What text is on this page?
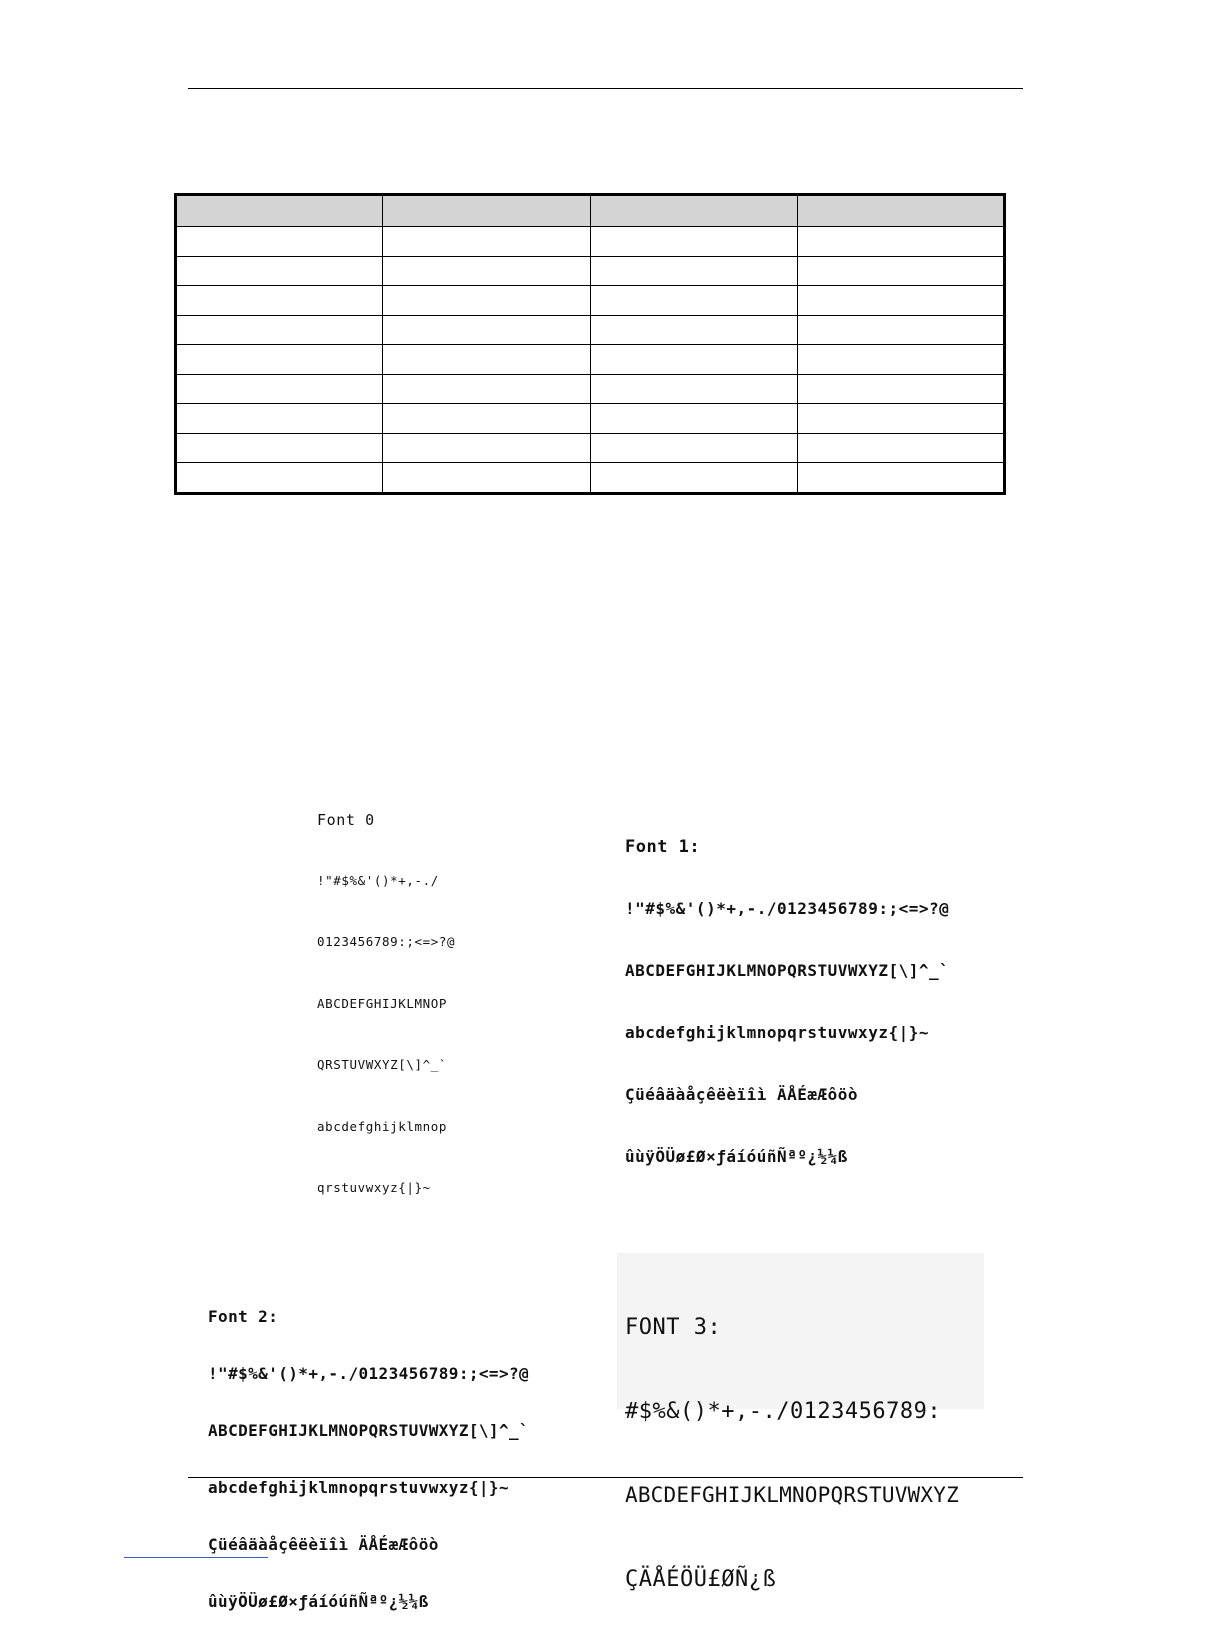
Font 0

!"#$%&'()*+,-./

0123456789:;<=>?@

ABCDEFGHIJKLMNOP

QRSTUVWXYZ[\]^_`

abcdefghijklmnop

qrstuvwxyz{|}~

Font 1:

!"#$%&'()*+,-./0123456789:;<=>?@

ABCDEFGHIJKLMNOPQRSTUVWXYZ[\]^_`

abcdefghijklmnopqrstuvwxyz{|}~

Çüéâäàåçêëèïîì ÄÅÉæÆôöò

ûùÿÖÜø£Ø×ƒáíóúñÑªº¿½¼ß

Font 2:

!"#$%&'()*+,-./0123456789:;<=>?@

ABCDEFGHIJKLMNOPQRSTUVWXYZ[\]^_`

abcdefghijklmnopqrstuvwxyz{|}~

Çüéâäàåçêëèïîì ÄÅÉæÆôöò

ûùÿÖÜø£Ø×ƒáíóúñÑªº¿½¼ß

FONT 3:

#$%&()*+,-./0123456789:

ABCDEFGHIJKLMNOPQRSTUVWXYZ

ÇÄÅÉÖÜ£ØÑ¿ß
